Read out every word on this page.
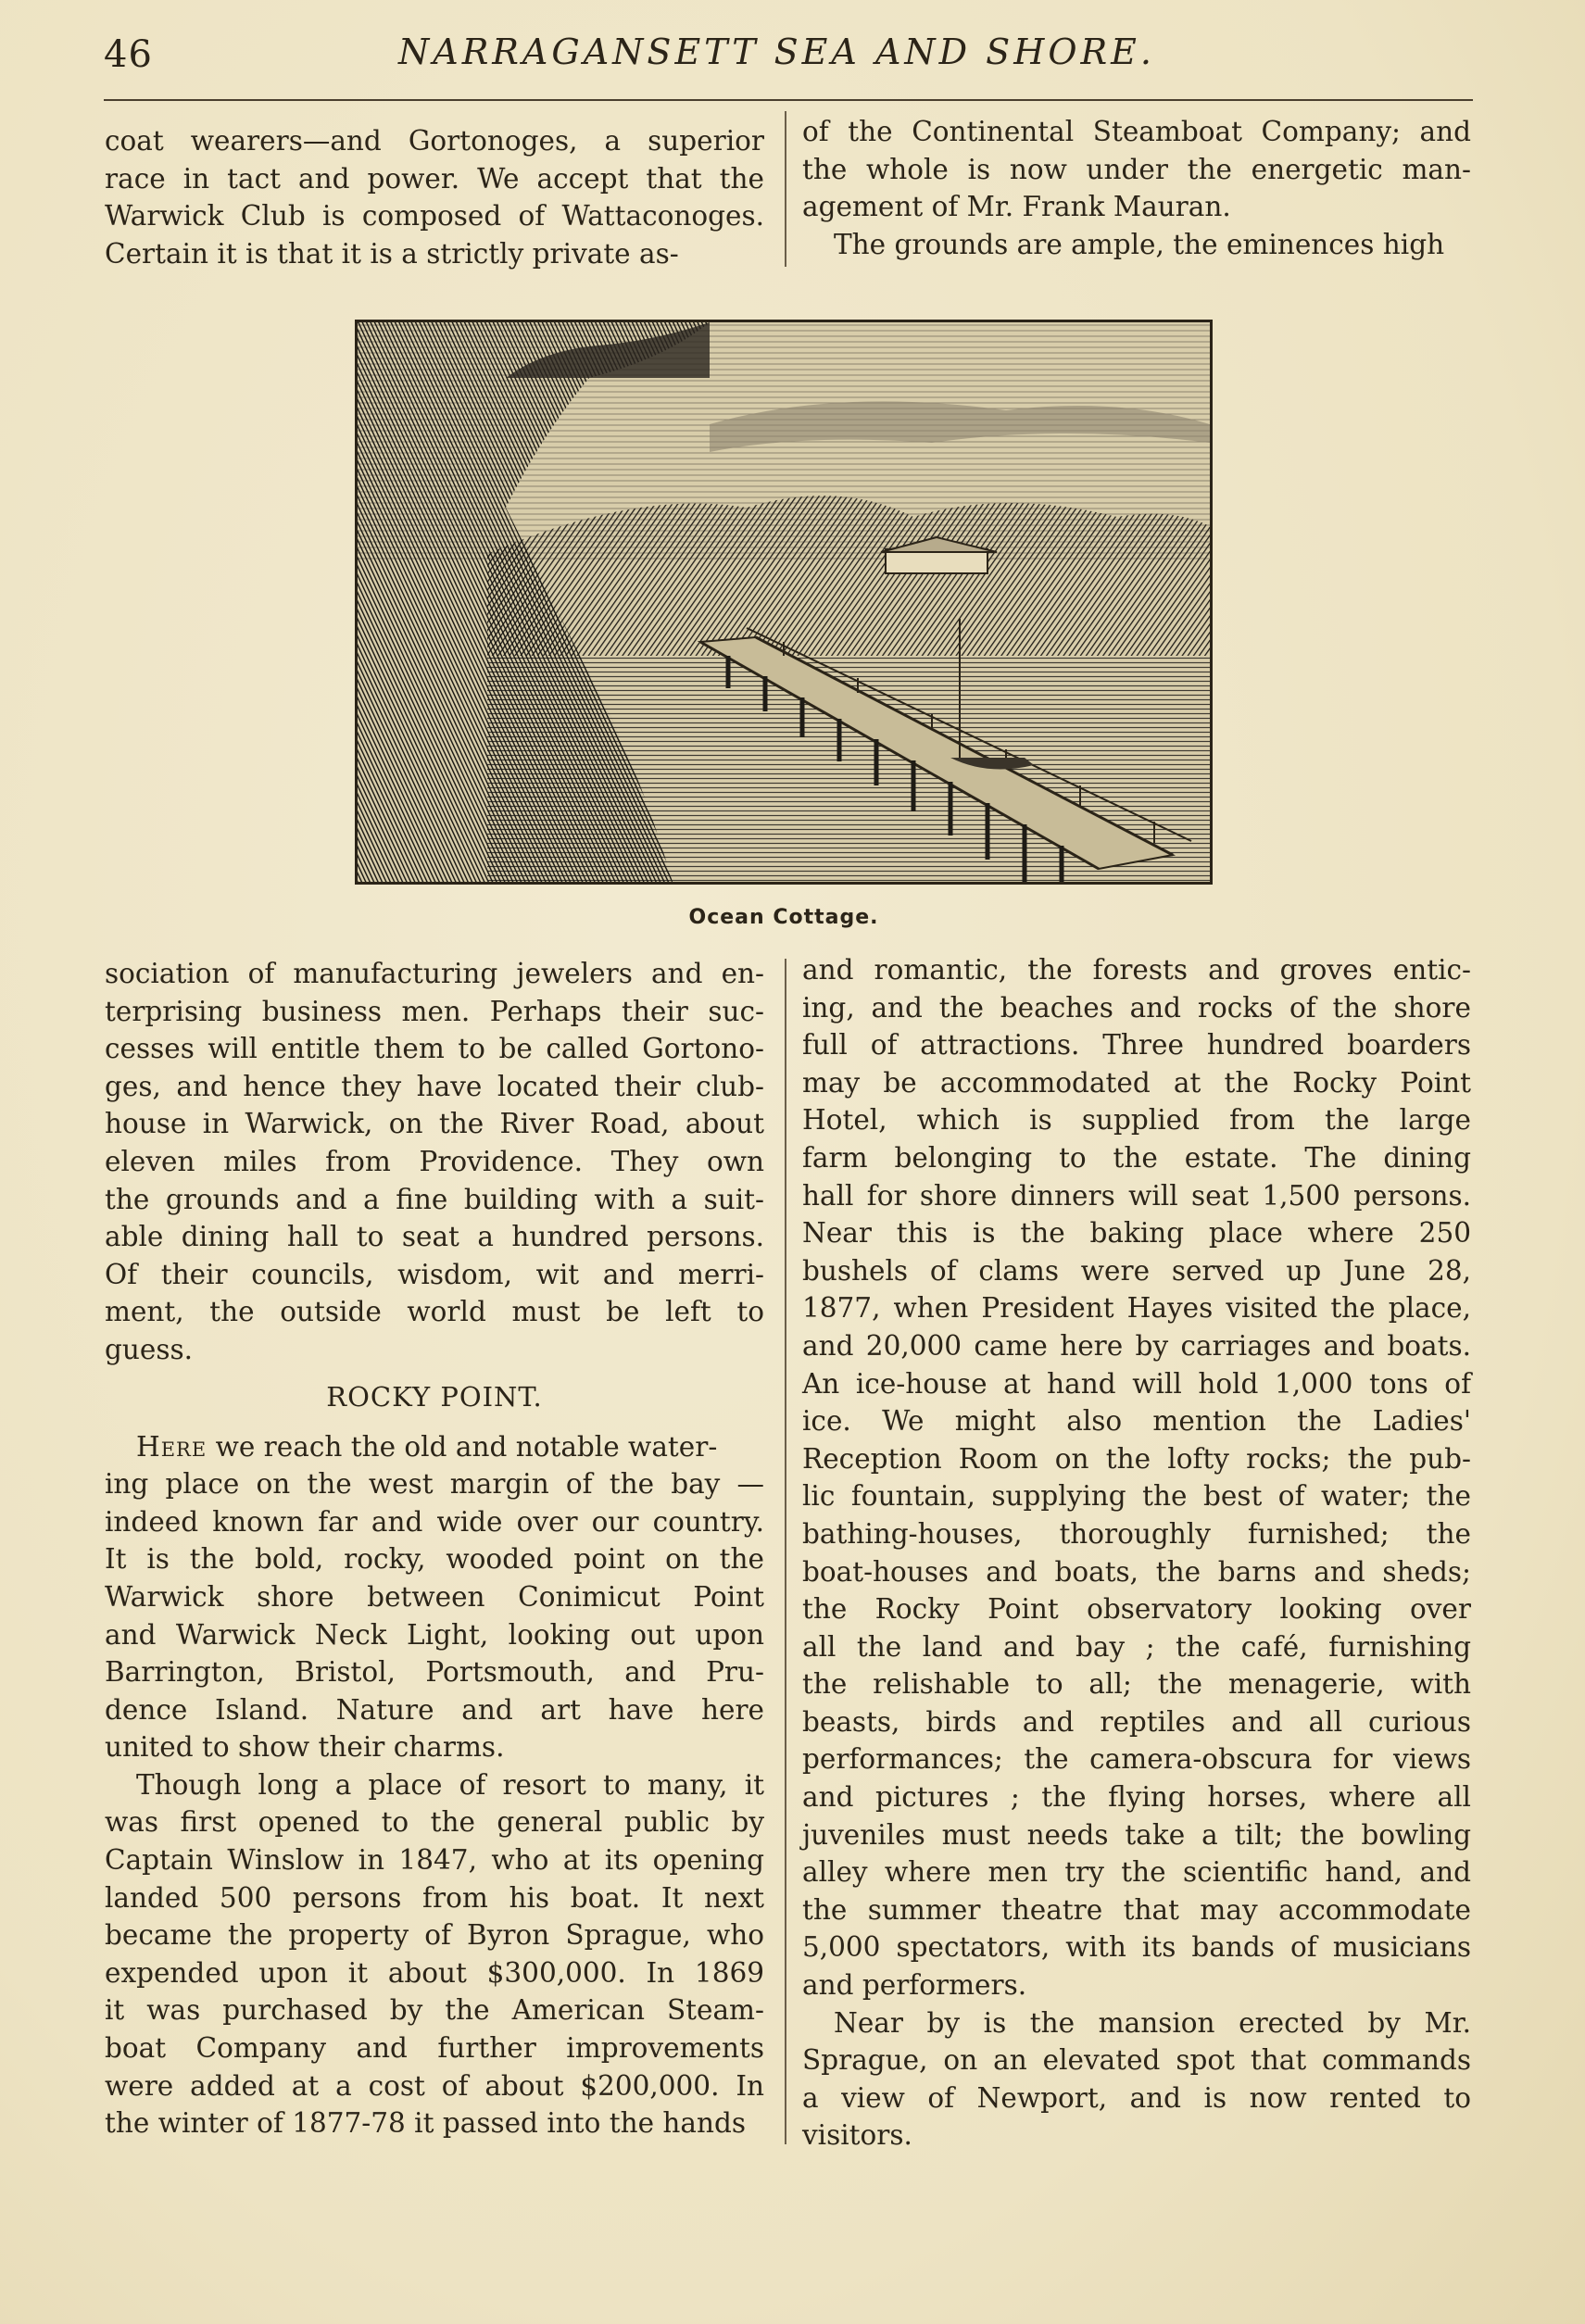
46	NARRAGANSETT SEA AND SHORE.
coat wearers—and Gortonoges, a superior
race in tact and power. We accept that the
Warwick Club is composed of Wattaconoges.
Certain it is that it is a strictly private as-
of the Continental Steamboat Company; and
the whole is now under the energetic man-
agement of Mr. Frank Mauran.
The grounds are ample, the eminences high
Ocean Cottage.
sociation of manufacturing jewelers and en-
terprising business men. Perhaps their suc-
cesses will entitle them to be called Gortono-
ges, and hence they have located their club-
house in Warwick, on the River Road, about
eleven miles from Providence. They own
the grounds and a fine building with a suit-
able dining hall to seat a hundred persons.
Of their councils, wisdom, wit and merri-
ment, the outside world must be left to
guess.
ROCKY POINT.

Here we reach the old and notable water-

ing place on the west margin of the bay —
indeed known far and wide over our country.
It is the bold, rocky, wooded point on the
Warwick shore between Conimicut Point
and Warwick Neck Light, looking out upon
Barrington, Bristol, Portsmouth, and Pru-
dence Island. Nature and art have here
united to show their charms.
Though long a place of resort to many, it
was first opened to the general public by
Captain Winslow in 1847, who at its opening
landed 500 persons from his boat. It next
became the property of Byron Sprague, who
expended upon it about $300,000. In 1869
it was purchased by the American Steam-
boat Company and further improvements
were added at a cost of about $200,000. In
the winter of 1877-78 it passed into the hands
and romantic, the forests and groves entic-
ing, and the beaches and rocks of the shore
full of attractions. Three hundred boarders
may be accommodated at the Rocky Point
Hotel, which is supplied from the large
farm belonging to the estate. The dining
hall for shore dinners will seat 1,500 persons.
Near this is the baking place where 250
bushels of clams were served up June 28,
1877, when President Hayes visited the place,
and 20,000 came here by carriages and boats.
An ice-house at hand will hold 1,000 tons of
ice. We might also mention the Ladies'
Reception Room on the lofty rocks; the pub-
lic fountain, supplying the best of water; the
bathing-houses, thoroughly furnished; the
boat-houses and boats, the barns and sheds;
the Rocky Point observatory looking over
all the land and bay ; the café, furnishing
the relishable to all; the menagerie, with
beasts, birds and reptiles and all curious
performances; the camera-obscura for views
and pictures ; the flying horses, where all
juveniles must needs take a tilt; the bowling
alley where men try the scientific hand, and
the summer theatre that may accommodate
5,000 spectators, with its bands of musicians
and performers.
Near by is the mansion erected by Mr.
Sprague, on an elevated spot that commands
a view of Newport, and is now rented to
visitors.
